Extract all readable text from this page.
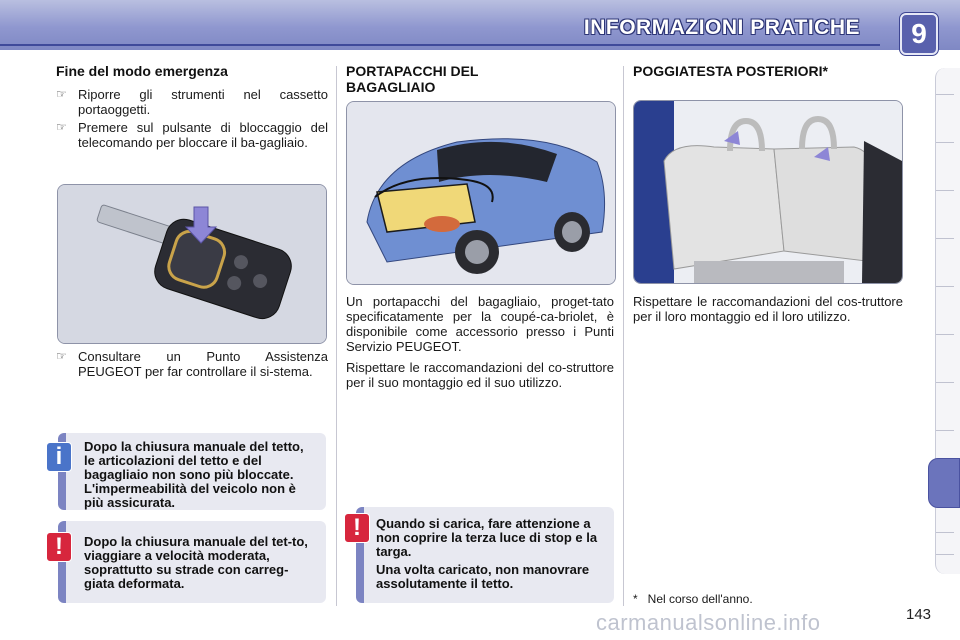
INFORMAZIONI PRATICHE	9
Fine del modo emergenza
☞ Riporre gli strumenti nel cassetto portaoggetti.
☞ Premere sul pulsante di bloccaggio del telecomando per bloccare il ba-gagliaio.
☞ Consultare un Punto Assistenza PEUGEOT per far controllare il si-stema.
i	Dopo la chiusura manuale del tetto, le articolazioni del tetto e del bagagliaio non sono più bloccate. L'impermeabilità del veicolo non è più assicurata.

!	Dopo la chiusura manuale del tet-to, viaggiare a velocità moderata, soprattutto su strade con carreg-giata deformata.

PORTAPACCHI DEL BAGAGLIAIO

Un portapacchi del bagagliaio, proget-tato specificatamente per la coupé-ca-briolet, è disponibile come accessorio presso i Punti Servizio PEUGEOT.

Rispettare le raccomandazioni del co-struttore per il suo montaggio ed il suo utilizzo.

!	Quando si carica, fare attenzione a non coprire la terza luce di stop e la targa.

Una volta caricato, non manovrare assolutamente il tetto.

POGGIATESTA POSTERIORI*

Rispettare le raccomandazioni del cos-truttore per il loro montaggio ed il loro utilizzo.

*   Nel corso dell'anno.
carmanualsonline.info	143
